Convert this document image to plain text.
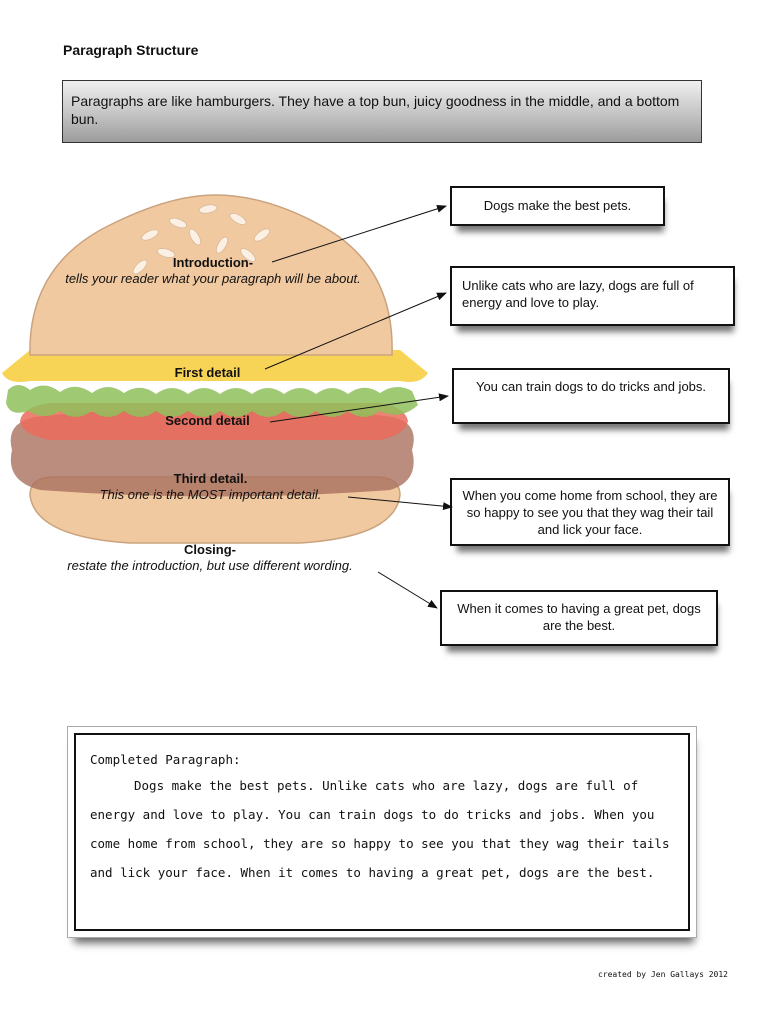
Paragraph Structure
Paragraphs are like hamburgers. They have a top bun, juicy goodness in the middle, and a bottom bun.
Introduction-
tells your reader what your paragraph will be about.
First detail
Second detail
Third detail.
This one is the MOST important detail.
Closing-
restate the introduction, but use different wording.
Dogs make the best pets.
Unlike cats who are lazy, dogs are full of energy and love to play.
You can train dogs to do tricks and jobs.
When you come home from school, they are so happy to see you that they wag their tail and lick your face.
When it comes to having a great pet, dogs are the best.
Completed Paragraph:
Dogs make the best pets. Unlike cats who are lazy, dogs are full of energy and love to play. You can train dogs to do tricks and jobs. When you come home from school, they are so happy to see you that they wag their tails and lick your face. When it comes to having a great pet, dogs are the best.
created by Jen Gallays 2012
